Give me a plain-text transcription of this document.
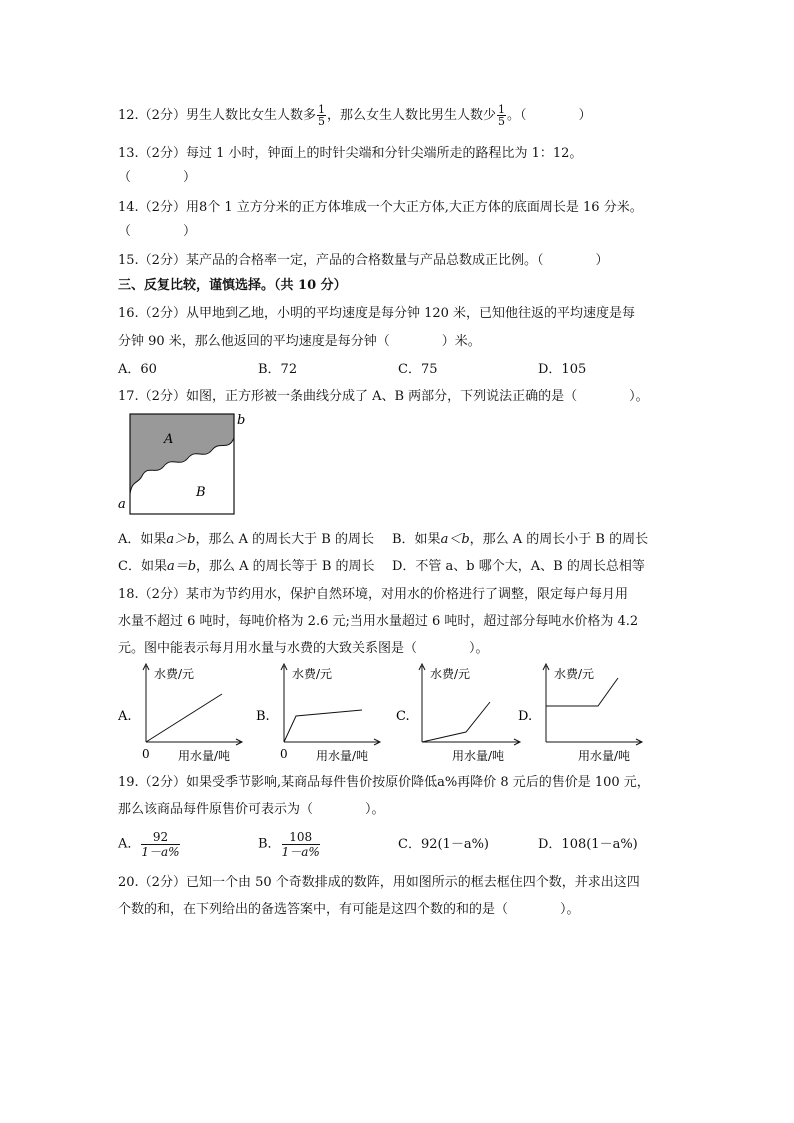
12.（2分）男生人数比女生人数多 $\frac{1}{5}$ ，那么女生人数比男生人数少 $\frac{1}{5}$ 。（　　　　）
13.（2分）每过 1 小时，钟面上的时针尖端和分针尖端所走的路程比为 1：12。
（　　　　）
14.（2分）用8个 1 立方分米的正方体堆成一个大正方体,大正方体的底面周长是 16 分米。
（　　　　）
15.（2分）某产品的合格率一定，产品的合格数量与产品总数成正比例。（　　　　）
三、反复比较，谨慎选择。（共 10 分）
16.（2分）从甲地到乙地，小明的平均速度是每分钟 120 米，已知他往返的平均速度是每
分钟 90 米，那么他返回的平均速度是每分钟（　　　　）米。
A．60	B．72	C．75	D．105
17.（2分）如图，正方形被一条曲线分成了 A、B 两部分，下列说法正确的是（　　　　）。
A
B
a
b
A．如果a＞b，那么 A 的周长大于 B 的周长 B．如果a＜b，那么 A 的周长小于 B 的周长
C．如果a＝b，那么 A 的周长等于 B 的周长 D．不管 a、b 哪个大，A、B 的周长总相等
18.（2分）某市为节约用水，保护自然环境，对用水的价格进行了调整，限定每户每月用
水量不超过 6 吨时，每吨价格为 2.6 元;当用水量超过 6 吨时，超过部分每吨水价格为 4.2
元。图中能表示每月用水量与水费的大致关系图是（　　　　）。
A.
水费/元
0 用水量/吨
B.
水费/元
0 用水量/吨
C.
水费/元
用水量/吨
D.
水费/元
用水量/吨
19.（2分）如果受季节影响,某商品每件售价按原价降低a%再降价 8 元后的售价是 100 元，
那么该商品每件原售价可表示为（　　　　）。
A． $\frac{92}{1-a\%}$	B． $\frac{108}{1-a\%}$	C．92(1－a%)	D．108(1－a%)
20.（2分）已知一个由 50 个奇数排成的数阵，用如图所示的框去框住四个数，并求出这四
个数的和，在下列给出的备选答案中，有可能是这四个数的和的是（　　　　）。
